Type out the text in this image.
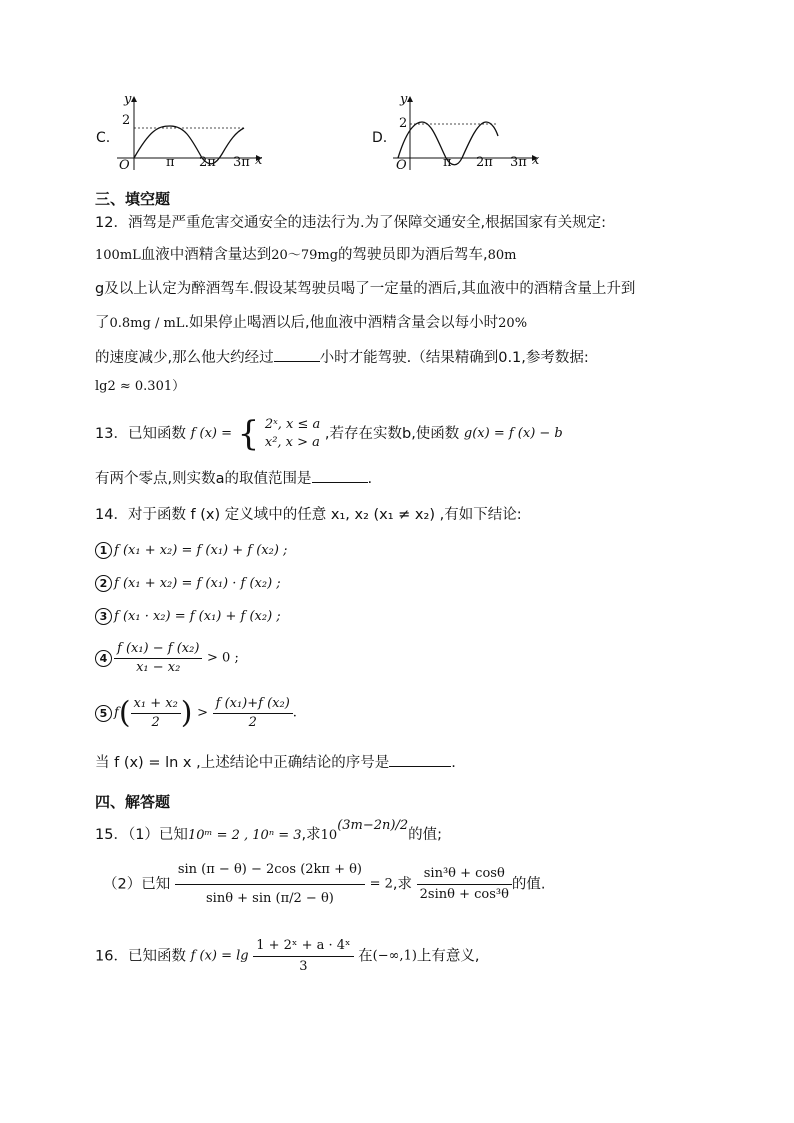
C.
y
2
O	π 2π 3π x
D.
y
2
O	π 2π 3π x
三、填空题
12．酒驾是严重危害交通安全的违法行为.为了保障交通安全,根据国家有关规定:
100mL血液中酒精含量达到20～79mg的驾驶员即为酒后驾车,80m
g及以上认定为醉酒驾车.假设某驾驶员喝了一定量的酒后,其血液中的酒精含量上升到
了0.8mg / mL.如果停止喝酒以后,他血液中酒精含量会以每小时20%
的速度减少,那么他大约经过	小时才能驾驶.（结果精确到0.1,参考数据:
lg2 ≈ 0.301）
13．已知函数 f (x) = { 2ˣ, x ≤ a
x², x > a
,若存在实数b,使函数 g(x) = f (x) − b
有两个零点,则实数a的取值范围是	.
14．对于函数 f (x) 定义域中的任意 x₁, x₂ (x₁ ≠ x₂) ,有如下结论:
1 f (x₁ + x₂) = f (x₁) + f (x₂) ;
2 f (x₁ + x₂) = f (x₁) · f (x₂) ;
3 f (x₁ · x₂) = f (x₁) + f (x₂) ;
$4 \frac{\text{f (x₁) − f (x₂)}}{\text{x₁ − x₂}} > 0$ ;
5 $f( \frac{\text{x₁ + x₂}}{2}$ ) > $\frac{\text{f (x₁)+f (x₂)}}{2}$ .
当 f (x) = ln x ,上述结论中正确结论的序号是	.
四、解答题
15．（1）已知10ᵐ = 2 , 10ⁿ = 3,求$10^{(3m-2n)/2}$的值;
（2）已知 $\frac{\sin (\pi - \theta) - 2\cos (2k\pi + \theta)}{\sin\theta + \sin (\pi/2 - \theta)} = 2$,求 $\frac{\text{sin³θ + cosθ}}{\text{2sinθ + cos³θ}}$ 的值.
16．已知函数 f $(x) = \lg \frac{\text{1 + 2ˣ + a · 4ˣ}}{3}$ 在(−∞,1)上有意义,
